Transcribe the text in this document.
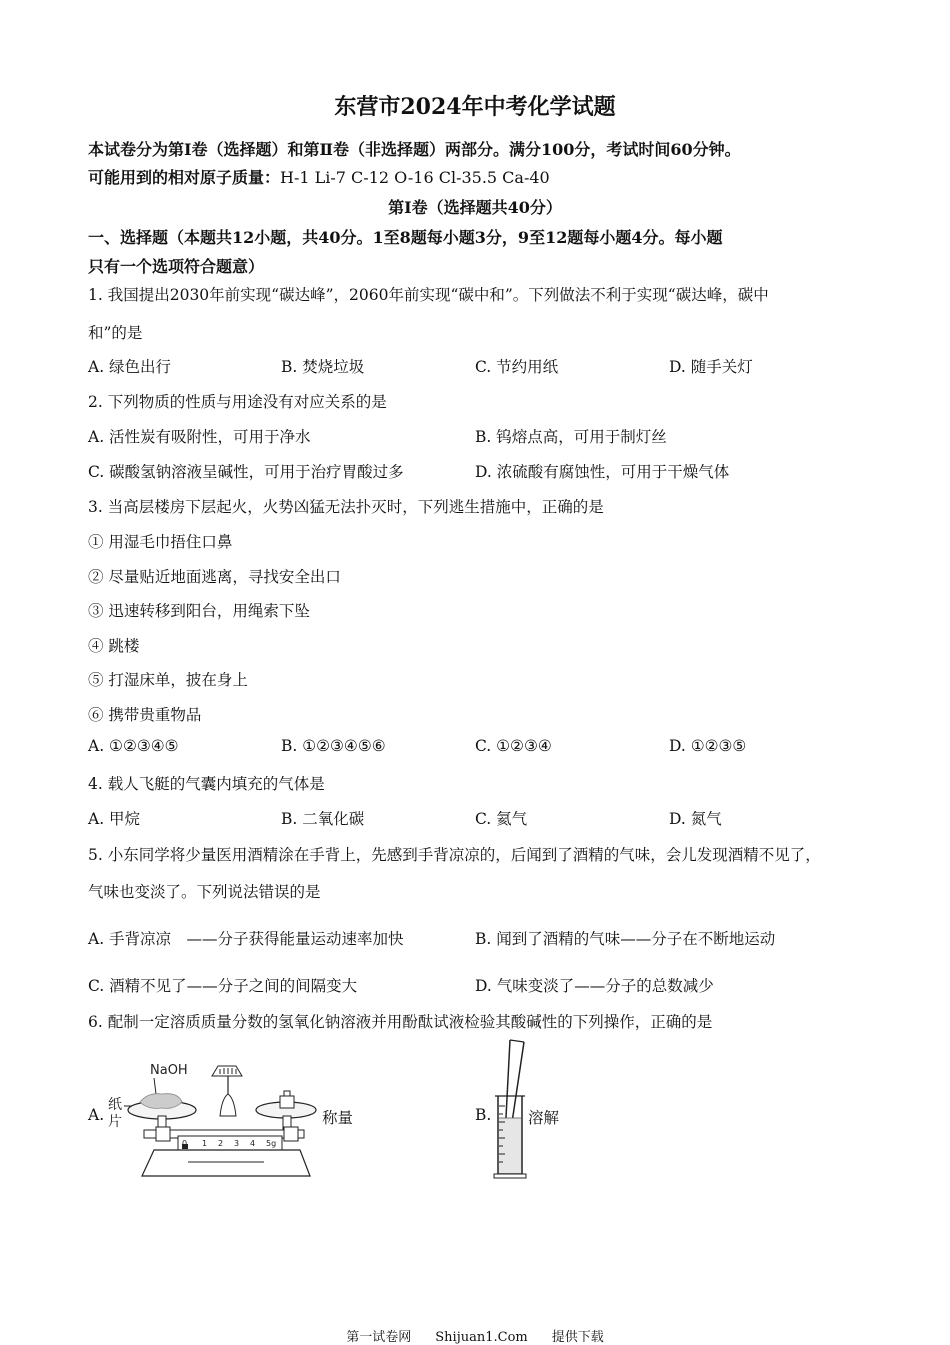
东营市2024年中考化学试题
本试卷分为第I卷（选择题）和第Ⅱ卷（非选择题）两部分。满分100分，考试时间60分钟。
可能用到的相对原子质量：H-1 Li-7 C-12 O-16 Cl-35.5 Ca-40
第I卷（选择题共40分）
一、选择题（本题共12小题，共40分。1至8题每小题3分，9至12题每小题4分。每小题
只有一个选项符合题意）
1. 我国提出2030年前实现“碳达峰”，2060年前实现“碳中和”。下列做法不利于实现“碳达峰，碳中
和”的是
A. 绿色出行	B. 焚烧垃圾	C. 节约用纸	D. 随手关灯
2. 下列物质的性质与用途没有对应关系的是
A. 活性炭有吸附性，可用于净水	B. 钨熔点高，可用于制灯丝
C. 碳酸氢钠溶液呈碱性，可用于治疗胃酸过多	D. 浓硫酸有腐蚀性，可用于干燥气体
3. 当高层楼房下层起火，火势凶猛无法扑灭时，下列逃生措施中，正确的是
① 用湿毛巾捂住口鼻
② 尽量贴近地面逃离，寻找安全出口
③ 迅速转移到阳台，用绳索下坠
④ 跳楼
⑤ 打湿床单，披在身上
⑥ 携带贵重物品
A. ①②③④⑤	B. ①②③④⑤⑥	C. ①②③④	D. ①②③⑤
4. 载人飞艇的气囊内填充的气体是
A. 甲烷	B. 二氧化碳	C. 氦气	D. 氮气
5. 小东同学将少量医用酒精涂在手背上，先感到手背凉凉的，后闻到了酒精的气味，会儿发现酒精不见了，
气味也变淡了。下列说法错误的是
A. 手背凉凉　——分子获得能量运动速率加快	B. 闻到了酒精的气味——分子在不断地运动
C. 酒精不见了——分子之间的间隔变大	D. 气味变淡了——分子的总数减少
6. 配制一定溶质质量分数的氢氧化钠溶液并用酚酞试液检验其酸碱性的下列操作，正确的是
A.	称量
纸
片
NaOH
0 1 2 3 4 5g
B. 溶解
第一试卷网 Shijuan1.Com 提供下载
